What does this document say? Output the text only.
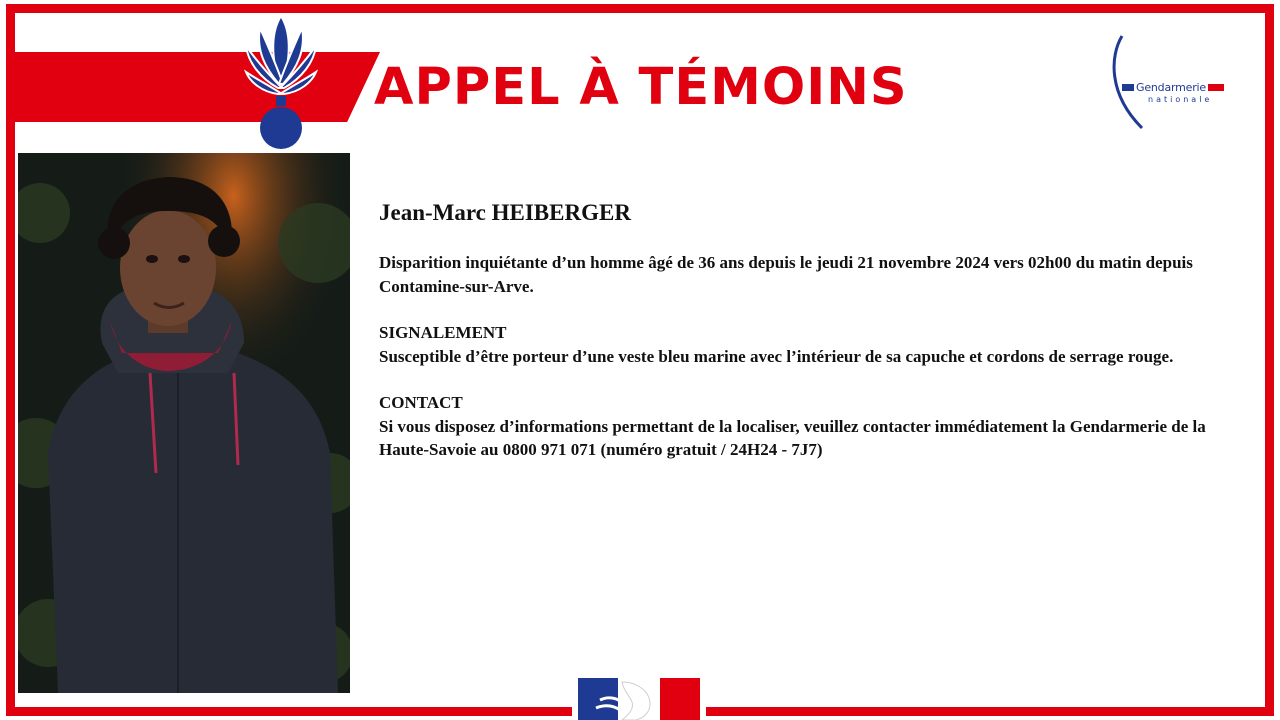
APPEL À TÉMOINS	Gendarmerie
nationale
Jean-Marc HEIBERGER
Disparition inquiétante d’un homme âgé de 36 ans depuis le jeudi 21 novembre 2024 vers 02h00 du matin depuis Contamine-sur-Arve.
SIGNALEMENT
Susceptible d’être porteur d’une veste bleu marine avec l’intérieur de sa capuche et cordons de serrage rouge.
CONTACT
Si vous disposez d’informations permettant de la localiser, veuillez contacter immédiatement la Gendarmerie de la Haute-Savoie au 0800 971 071 (numéro gratuit / 24H24 - 7J7)
